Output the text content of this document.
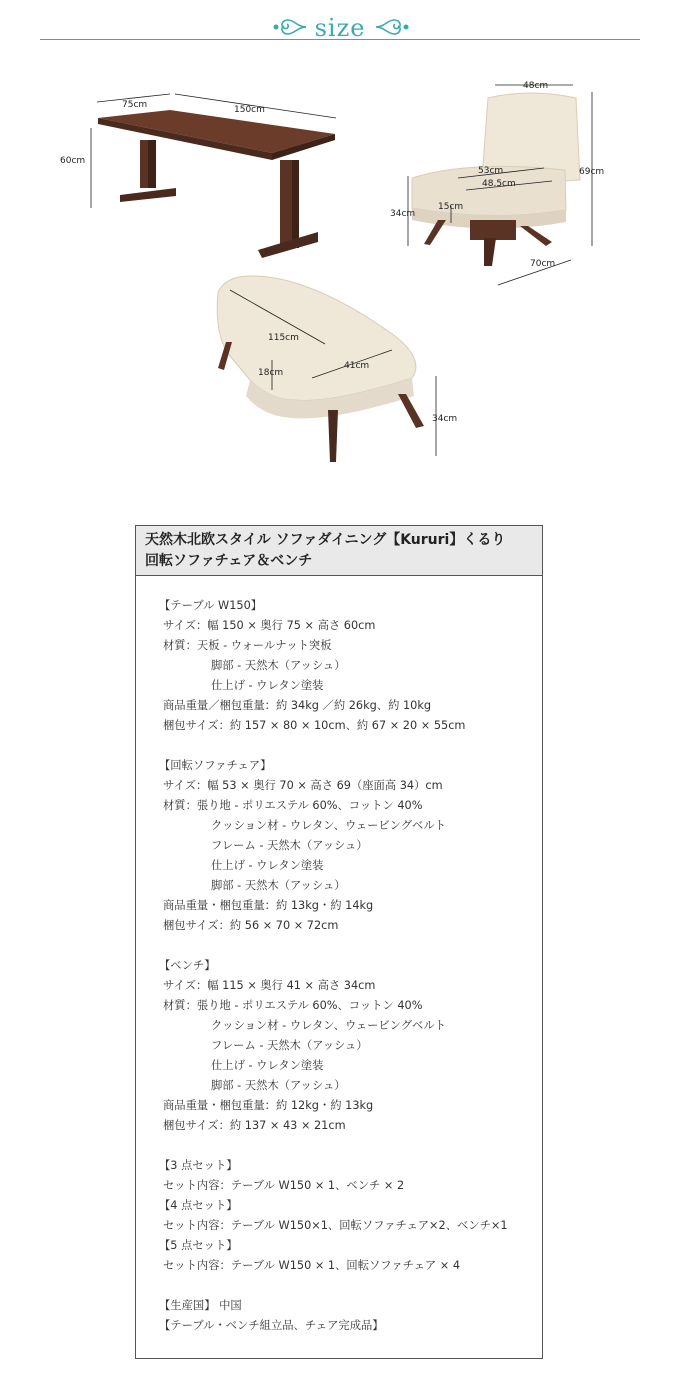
size
75cm	150cm
60cm
48cm
69cm
53cm
48.5cm
34cm
15cm
70cm
115cm
41cm
18cm
34cm
天然木北欧スタイル ソファダイニング【Kururi】くるり
回転ソファチェア＆ベンチ
【テーブル W150】
サイズ：幅 150 × 奥行 75 × 高さ 60cm
材質：天板 - ウォールナット突板
脚部 - 天然木（アッシュ）
仕上げ - ウレタン塗装
商品重量／梱包重量：約 34kg ／約 26kg、約 10kg
梱包サイズ：約 157 × 80 × 10cm、約 67 × 20 × 55cm
【回転ソファチェア】
サイズ：幅 53 × 奥行 70 × 高さ 69（座面高 34）cm
材質：張り地 - ポリエステル 60%、コットン 40%
クッション材 - ウレタン、ウェービングベルト
フレーム - 天然木（アッシュ）
仕上げ - ウレタン塗装
脚部 - 天然木（アッシュ）
商品重量・梱包重量：約 13kg・約 14kg
梱包サイズ：約 56 × 70 × 72cm
【ベンチ】
サイズ：幅 115 × 奥行 41 × 高さ 34cm
材質：張り地 - ポリエステル 60%、コットン 40%
クッション材 - ウレタン、ウェービングベルト
フレーム - 天然木（アッシュ）
仕上げ - ウレタン塗装
脚部 - 天然木（アッシュ）
商品重量・梱包重量：約 12kg・約 13kg
梱包サイズ：約 137 × 43 × 21cm
【3 点セット】
セット内容：テーブル W150 × 1、ベンチ × 2
【4 点セット】
セット内容：テーブル W150×1、回転ソファチェア×2、ベンチ×1
【5 点セット】
セット内容：テーブル W150 × 1、回転ソファチェア × 4
【生産国】 中国
【テーブル・ベンチ組立品、チェア完成品】
